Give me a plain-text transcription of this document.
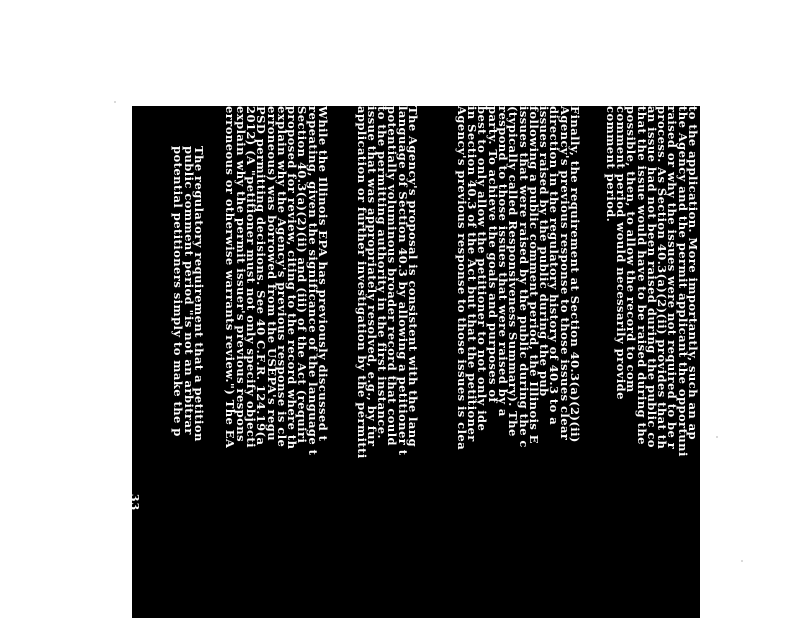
to the application. More importantly, such an ap
the Agency and the permit applicant the opportuni
raised or why the issues were not required to be r
process. As Section 40.3(a)(2)(ii) provides that th
an issue had not been raised during the public co
that the issue would have to be raised during the
possible, then, to allow the record to com
comment period would necessarily provide
comment period.
Finally, the requirement at Section 40.3(a)(2)(ii)
Agency's previous response to those issues clear
direction in the regulatory history of 40.3 to a
issues raised by the public during the pub
following a public comment period, the Illinois E
issues that were raised by the public during the c
(typically called Responsiveness Summary). The
respond to those issues that were raised by a
party. To achieve the goals and purposes of
best to only allow the petitioner to not only ide
in Section 40.3 of the Act but that the petitioner
Agency's previous response to those issues is clea
The Agency's proposal is consistent with the lang
language of Section 40.3 by allowing a petitioner t
potentially voluminous broader record that could
to the permitting authority in the first instance.
issue that was appropriately resolved, e.g., by fur
application or further investigation by the permitti
While the Illinois EPA has previously discussed t
repeating, given the significance of the language t
Section 40.3(a)(2)(ii) and (iii) of the Act (requiri
proposed for review, citing to the record where th
explain why the Agency's previous response is cle
erroneous) was borrowed from the USEPA's regu
PSD permitting decisions. See 40 C.F.R. 124.19(a
2012) (A "petitioner must not only specify objecti
explain why the permit issuer's previous respons
erroneous or otherwise warrants review.") The EA
The regulatory requirement that a petition
public comment period "is not an arbitrar
potential petitioners simply to make the p
33
